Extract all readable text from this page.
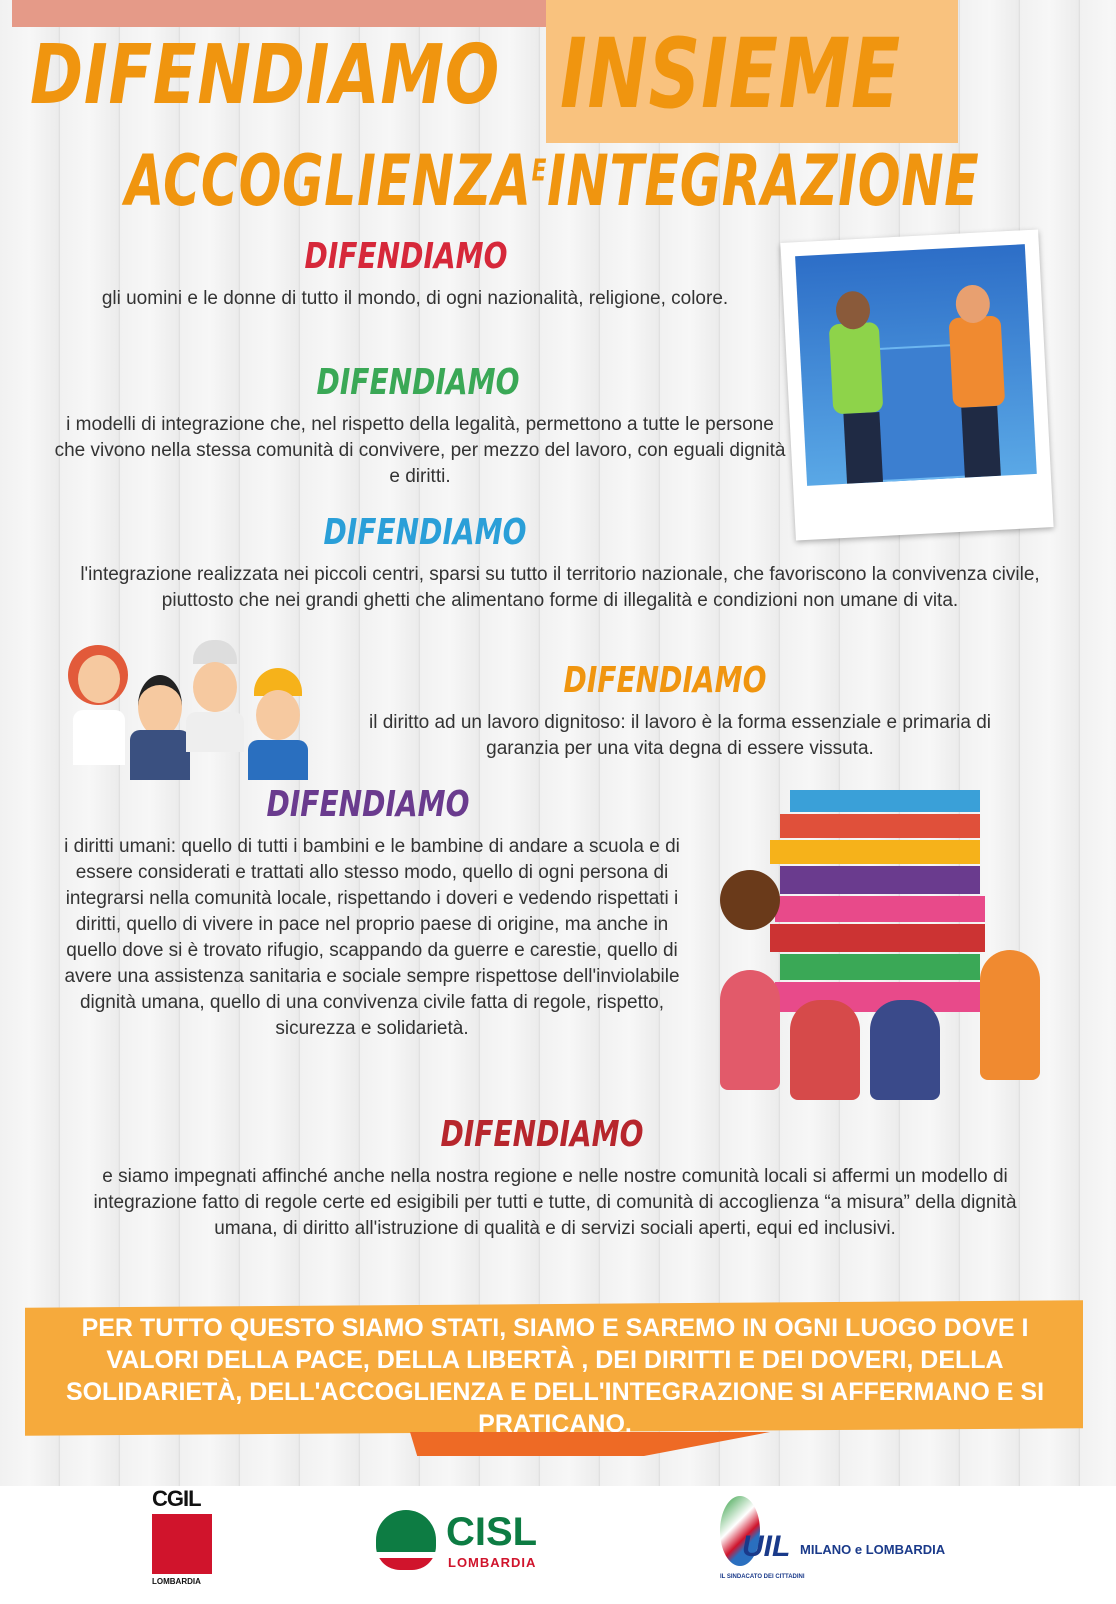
DIFENDIAMO INSIEME
$ACCOGLIENZA^EINTEGRAZIONE$
DIFENDIAMO
gli uomini e le donne di tutto il mondo, di ogni nazionalità, religione, colore.
DIFENDIAMO
i modelli di integrazione che, nel rispetto della legalità, permettono a tutte le persone che vivono nella stessa comunità di convivere, per mezzo del lavoro, con eguali dignità e diritti.
DIFENDIAMO
l'integrazione realizzata nei piccoli centri, sparsi su tutto il territorio nazionale, che favoriscono la convivenza civile, piuttosto che nei grandi ghetti che alimentano forme di illegalità e condizioni non umane di vita.
DIFENDIAMO
il diritto ad un lavoro dignitoso: il lavoro è la forma essenziale e primaria di garanzia per una vita degna di essere vissuta.
DIFENDIAMO
i diritti umani: quello di tutti i bambini e le bambine di andare a scuola e di essere considerati e trattati allo stesso modo, quello di ogni persona di integrarsi nella comunità locale, rispettando i doveri e vedendo rispettati i diritti, quello di vivere in pace nel proprio paese di origine, ma anche in quello dove si è trovato rifugio, scappando da guerre e carestie, quello di avere una assistenza sanitaria e sociale sempre rispettose dell'inviolabile dignità umana, quello di una convivenza civile fatta di regole, rispetto, sicurezza e solidarietà.
DIFENDIAMO
e siamo impegnati affinché anche nella nostra regione e nelle nostre comunità locali si affermi un modello di integrazione fatto di regole certe ed esigibili per tutti e tutte, di comunità di accoglienza “a misura” della dignità umana, di diritto all'istruzione di qualità e di servizi sociali aperti, equi ed inclusivi.
PER TUTTO QUESTO SIAMO STATI, SIAMO E SAREMO IN OGNI LUOGO DOVE I VALORI DELLA PACE, DELLA LIBERTÀ , DEI DIRITTI E DEI DOVERI, DELLA SOLIDARIETÀ, DELL'ACCOGLIENZA E DELL'INTEGRAZIONE SI AFFERMANO E SI PRATICANO.
CGIL
LOMBARDIA
CISL
LOMBARDIA	UIL MILANO e LOMBARDIA
IL SINDACATO DEI CITTADINI
